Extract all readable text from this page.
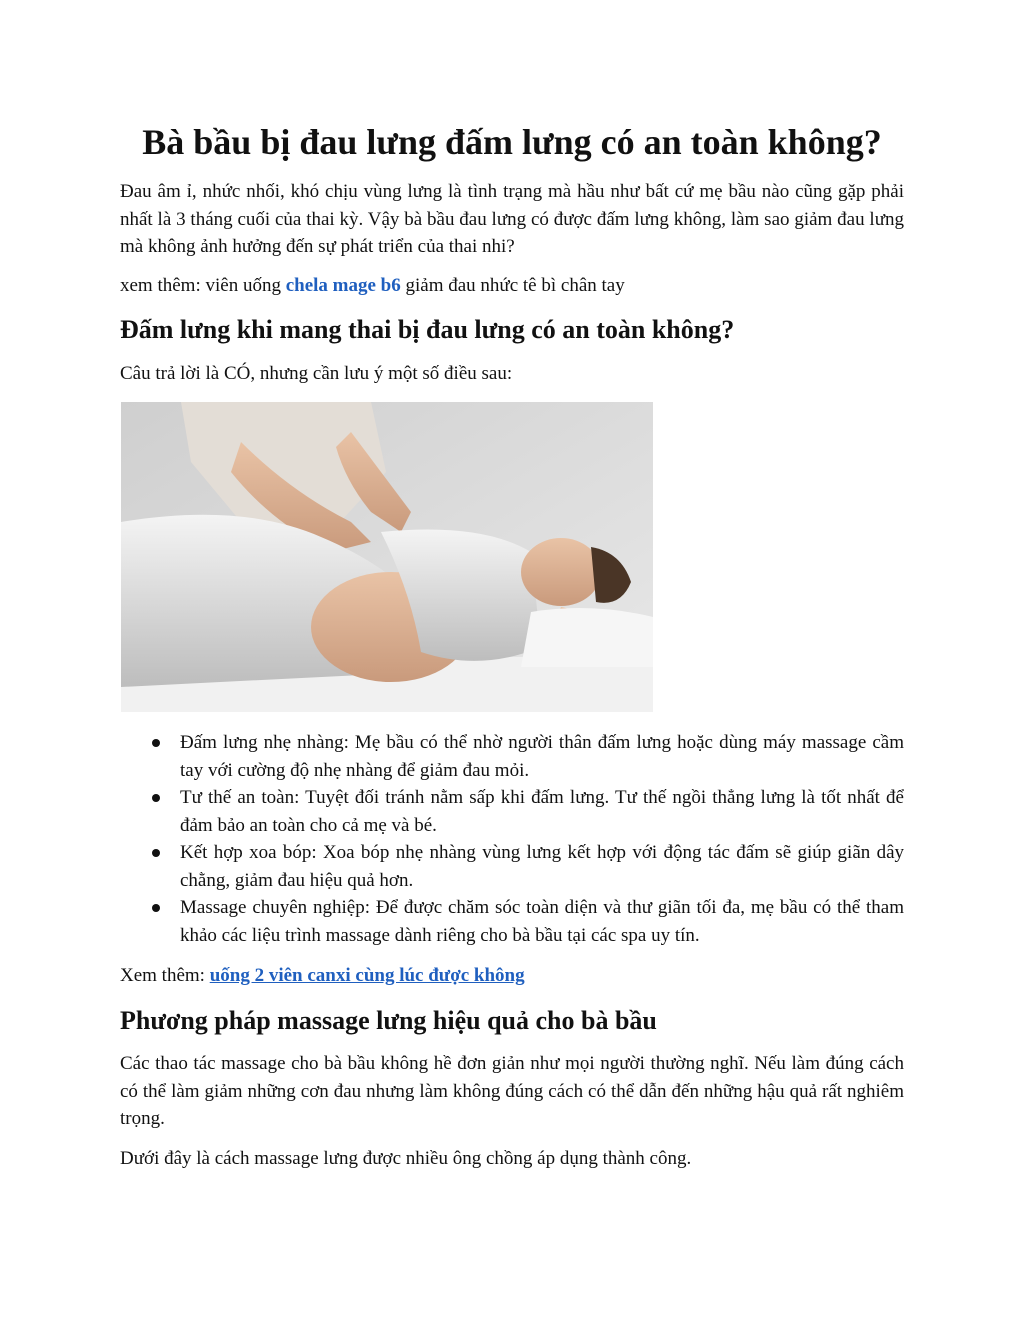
Bà bầu bị đau lưng đấm lưng có an toàn không?

Đau âm ỉ, nhức nhối, khó chịu vùng lưng là tình trạng mà hầu như bất cứ mẹ bầu nào cũng gặp phải nhất là 3 tháng cuối của thai kỳ. Vậy bà bầu đau lưng có được đấm lưng không, làm sao giảm đau lưng mà không ảnh hưởng đến sự phát triển của thai nhi?

xem thêm: viên uống chela mage b6 giảm đau nhức tê bì chân tay

Đấm lưng khi mang thai bị đau lưng có an toàn không?

Câu trả lời là CÓ, nhưng cần lưu ý một số điều sau:

Đấm lưng nhẹ nhàng: Mẹ bầu có thể nhờ người thân đấm lưng hoặc dùng máy massage cầm tay với cường độ nhẹ nhàng để giảm đau mỏi.
Tư thế an toàn: Tuyệt đối tránh nằm sấp khi đấm lưng. Tư thế ngồi thẳng lưng là tốt nhất để đảm bảo an toàn cho cả mẹ và bé.
Kết hợp xoa bóp: Xoa bóp nhẹ nhàng vùng lưng kết hợp với động tác đấm sẽ giúp giãn dây chằng, giảm đau hiệu quả hơn.
Massage chuyên nghiệp: Để được chăm sóc toàn diện và thư giãn tối đa, mẹ bầu có thể tham khảo các liệu trình massage dành riêng cho bà bầu tại các spa uy tín.

Xem thêm: uống 2 viên canxi cùng lúc được không

Phương pháp massage lưng hiệu quả cho bà bầu

Các thao tác massage cho bà bầu không hề đơn giản như mọi người thường nghĩ. Nếu làm đúng cách có thể làm giảm những cơn đau nhưng làm không đúng cách có thể dẫn đến những hậu quả rất nghiêm trọng.

Dưới đây là cách massage lưng được nhiều ông chồng áp dụng thành công.
